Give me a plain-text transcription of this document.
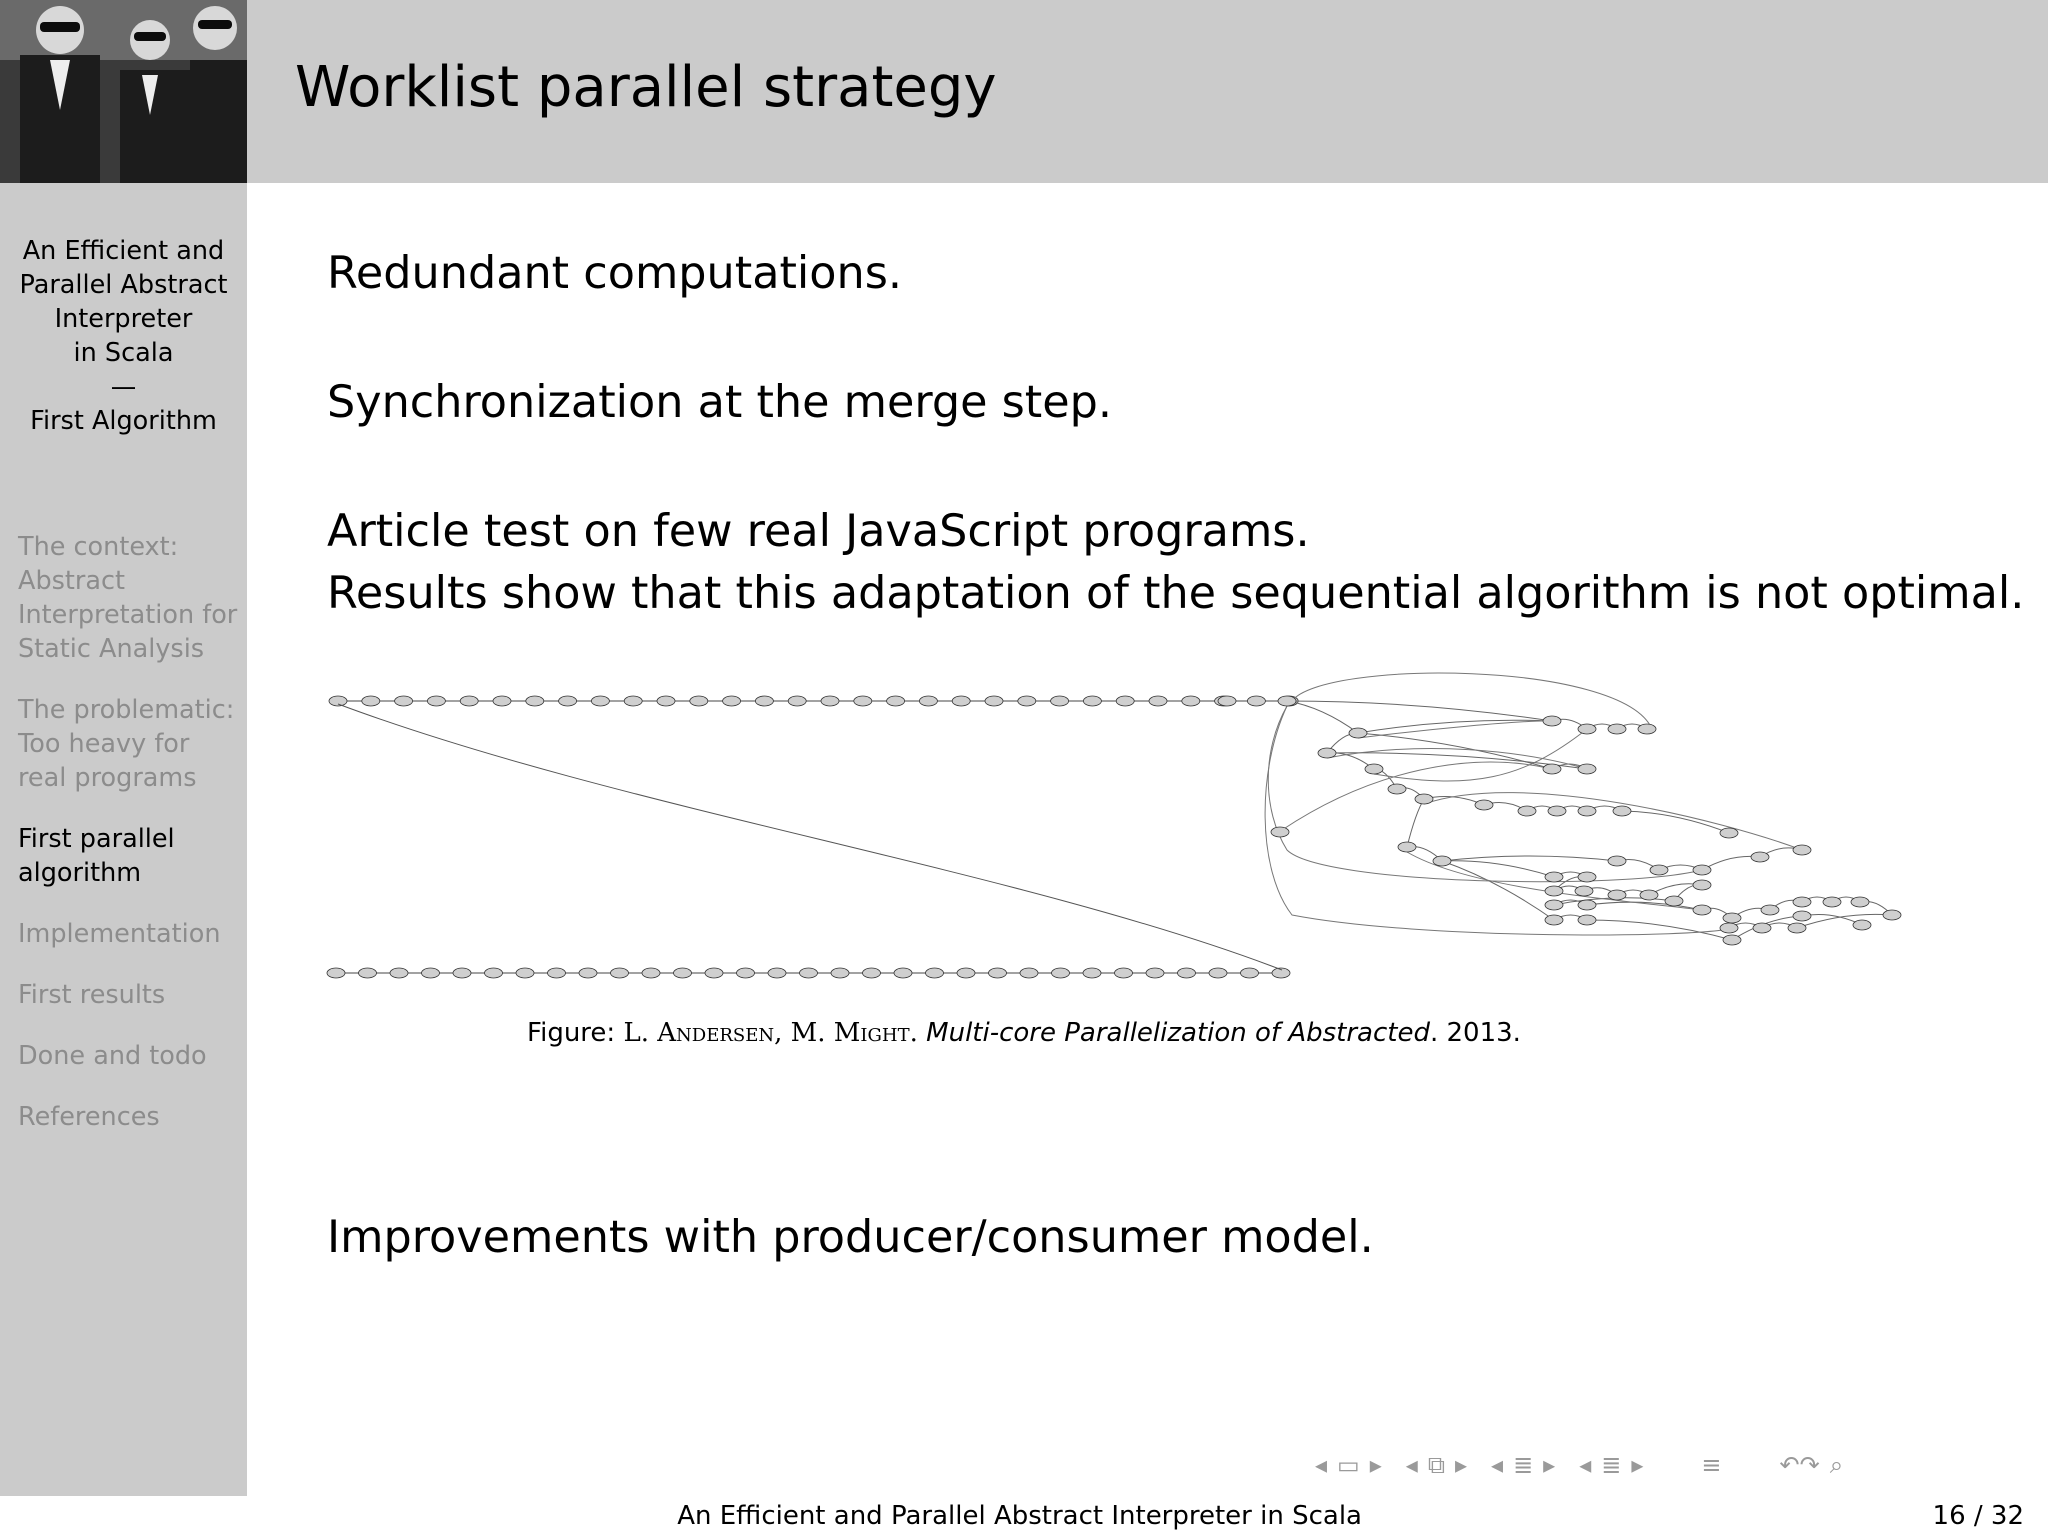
An Efficient and
Parallel Abstract
Interpreter
in Scala
—
First Algorithm
The context:
Abstract
Interpretation for
Static Analysis
The problematic:
Too heavy for
real programs
First parallel
algorithm
Implementation
First results
Done and todo
References
Worklist parallel strategy
Redundant computations.
Synchronization at the merge step.
Article test on few real JavaScript programs.
Results show that this adaptation of the sequential algorithm is not optimal.
Improvements with producer/consumer model.
Figure: L. Andersen, M. Might. Multi-core Parallelization of Abstracted. 2013.
◂ ▭ ▸ ◂ ⧉ ▸ ◂ ≣ ▸ ◂ ≣ ▸ ≡ ↶↷ ⌕
An Efficient and Parallel Abstract Interpreter in Scala	16 / 32
